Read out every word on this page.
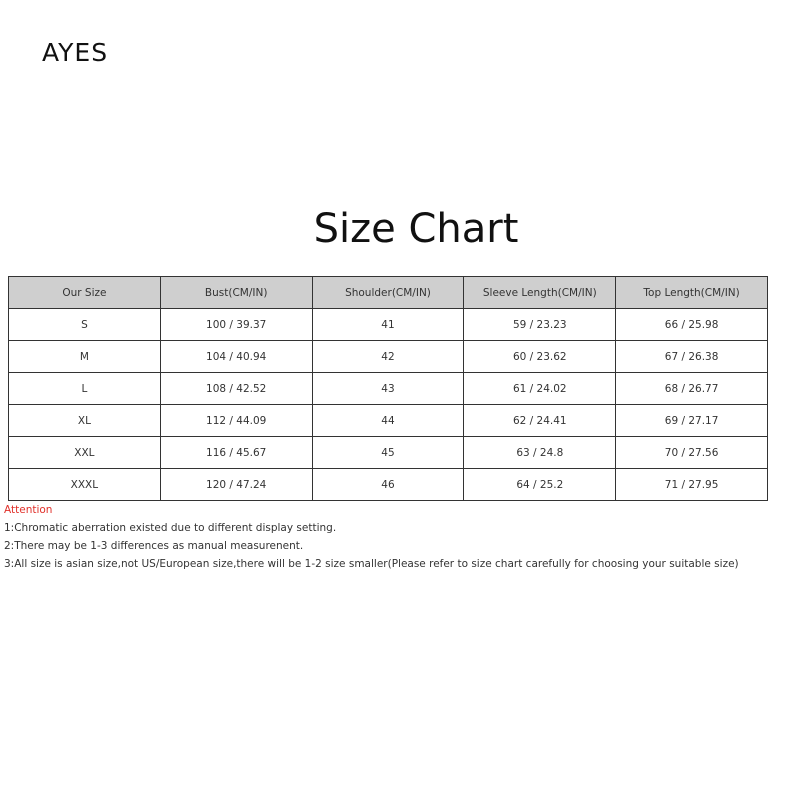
AYES
Size Chart
Our Size	Bust(CM/IN)	Shoulder(CM/IN)	Sleeve Length(CM/IN)	Top Length(CM/IN)
S	100 / 39.37	41	59 / 23.23	66 / 25.98
M	104 / 40.94	42	60 / 23.62	67 / 26.38
L	108 / 42.52	43	61 / 24.02	68 / 26.77
XL	112 / 44.09	44	62 / 24.41	69 / 27.17
XXL	116 / 45.67	45	63 / 24.8	70 / 27.56
XXXL	120 / 47.24	46	64 / 25.2	71 / 27.95
Attention
1:Chromatic aberration existed due to different display setting.
2:There may be 1-3 differences as manual measurenent.
3:All size is asian size,not US/European size,there will be 1-2 size smaller(Please refer to size chart carefully for choosing your suitable size)
